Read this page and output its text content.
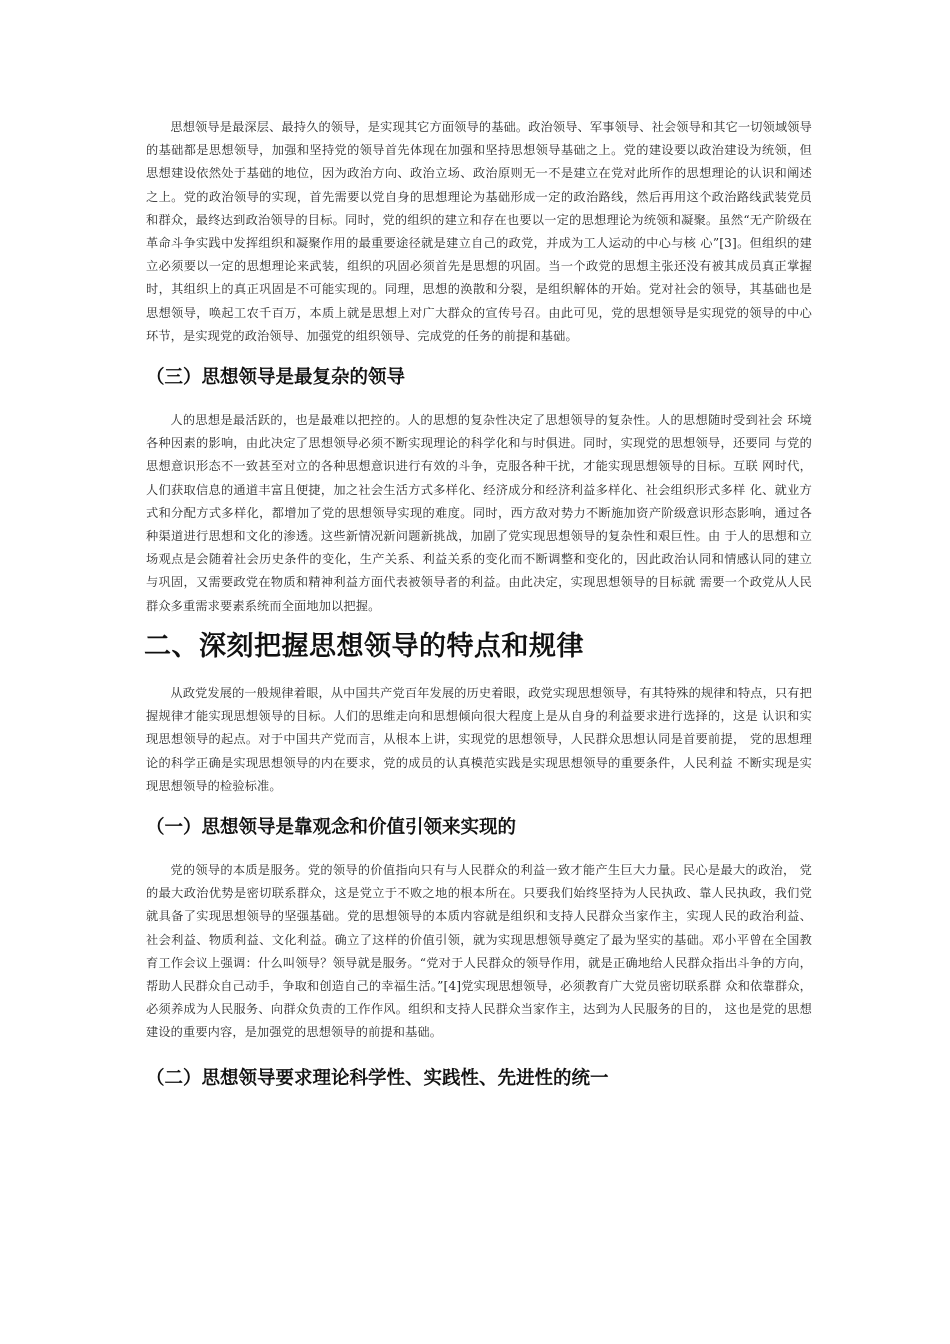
思想领导是最深层、最持久的领导，是实现其它方面领导的基础。政治领导、军事领导、社会领导和其它一切领域领导的基础都是思想领导，加强和坚持党的领导首先体现在加强和坚持思想领导基础之上。党的建设要以政治建设为统领，但思想建设依然处于基础的地位，因为政治方向、政治立场、政治原则无一不是建立在党对此所作的思想理论的认识和阐述之上。党的政治领导的实现，首先需要以党自身的思想理论为基础形成一定的政治路线，然后再用这个政治路线武装党员和群众，最终达到政治领导的目标。同时，党的组织的建立和存在也要以一定的思想理论为统领和凝聚。虽然“无产阶级在革命斗争实践中发挥组织和凝聚作用的最重要途径就是建立自己的政党，并成为工人运动的中心与核 心”[3]。但组织的建立必须要以一定的思想理论来武装，组织的巩固必须首先是思想的巩固。当一个政党的思想主张还没有被其成员真正掌握时，其组织上的真正巩固是不可能实现的。同理，思想的涣散和分裂，是组织解体的开始。党对社会的领导，其基础也是思想领导，唤起工农千百万，本质上就是思想上对广大群众的宣传号召。由此可见，党的思想领导是实现党的领导的中心环节，是实现党的政治领导、加强党的组织领导、完成党的任务的前提和基础。

（三）思想领导是最复杂的领导

人的思想是最活跃的，也是最难以把控的。人的思想的复杂性决定了思想领导的复杂性。人的思想随时受到社会 环境各种因素的影响，由此决定了思想领导必须不断实现理论的科学化和与时俱进。同时，实现党的思想领导，还要同 与党的思想意识形态不一致甚至对立的各种思想意识进行有效的斗争，克服各种干扰，才能实现思想领导的目标。互联 网时代，人们获取信息的通道丰富且便捷，加之社会生活方式多样化、经济成分和经济利益多样化、社会组织形式多样 化、就业方式和分配方式多样化，都增加了党的思想领导实现的难度。同时，西方敌对势力不断施加资产阶级意识形态影响，通过各种渠道进行思想和文化的渗透。这些新情况新问题新挑战，加剧了党实现思想领导的复杂性和艰巨性。由 于人的思想和立场观点是会随着社会历史条件的变化，生产关系、利益关系的变化而不断调整和变化的，因此政治认同和情感认同的建立与巩固，又需要政党在物质和精神利益方面代表被领导者的利益。由此决定，实现思想领导的目标就 需要一个政党从人民群众多重需求要素系统而全面地加以把握。

二、深刻把握思想领导的特点和规律

从政党发展的一般规律着眼，从中国共产党百年发展的历史着眼，政党实现思想领导，有其特殊的规律和特点，只有把握规律才能实现思想领导的目标。人们的思维走向和思想倾向很大程度上是从自身的利益要求进行选择的，这是 认识和实现思想领导的起点。对于中国共产党而言，从根本上讲，实现党的思想领导，人民群众思想认同是首要前提， 党的思想理论的科学正确是实现思想领导的内在要求，党的成员的认真模范实践是实现思想领导的重要条件，人民利益 不断实现是实现思想领导的检验标准。

（一）思想领导是靠观念和价值引领来实现的

党的领导的本质是服务。党的领导的价值指向只有与人民群众的利益一致才能产生巨大力量。民心是最大的政治， 党的最大政治优势是密切联系群众，这是党立于不败之地的根本所在。只要我们始终坚持为人民执政、靠人民执政，我们党就具备了实现思想领导的坚强基础。党的思想领导的本质内容就是组织和支持人民群众当家作主，实现人民的政治利益、社会利益、物质利益、文化利益。确立了这样的价值引领，就为实现思想领导奠定了最为坚实的基础。邓小平曾在全国教育工作会议上强调：什么叫领导？领导就是服务。“党对于人民群众的领导作用，就是正确地给人民群众指出斗争的方向，帮助人民群众自己动手，争取和创造自己的幸福生活。”[4]党实现思想领导，必须教育广大党员密切联系群 众和依靠群众，必须养成为人民服务、向群众负责的工作作风。组织和支持人民群众当家作主，达到为人民服务的目的， 这也是党的思想建设的重要内容，是加强党的思想领导的前提和基础。

（二）思想领导要求理论科学性、实践性、先进性的统一
